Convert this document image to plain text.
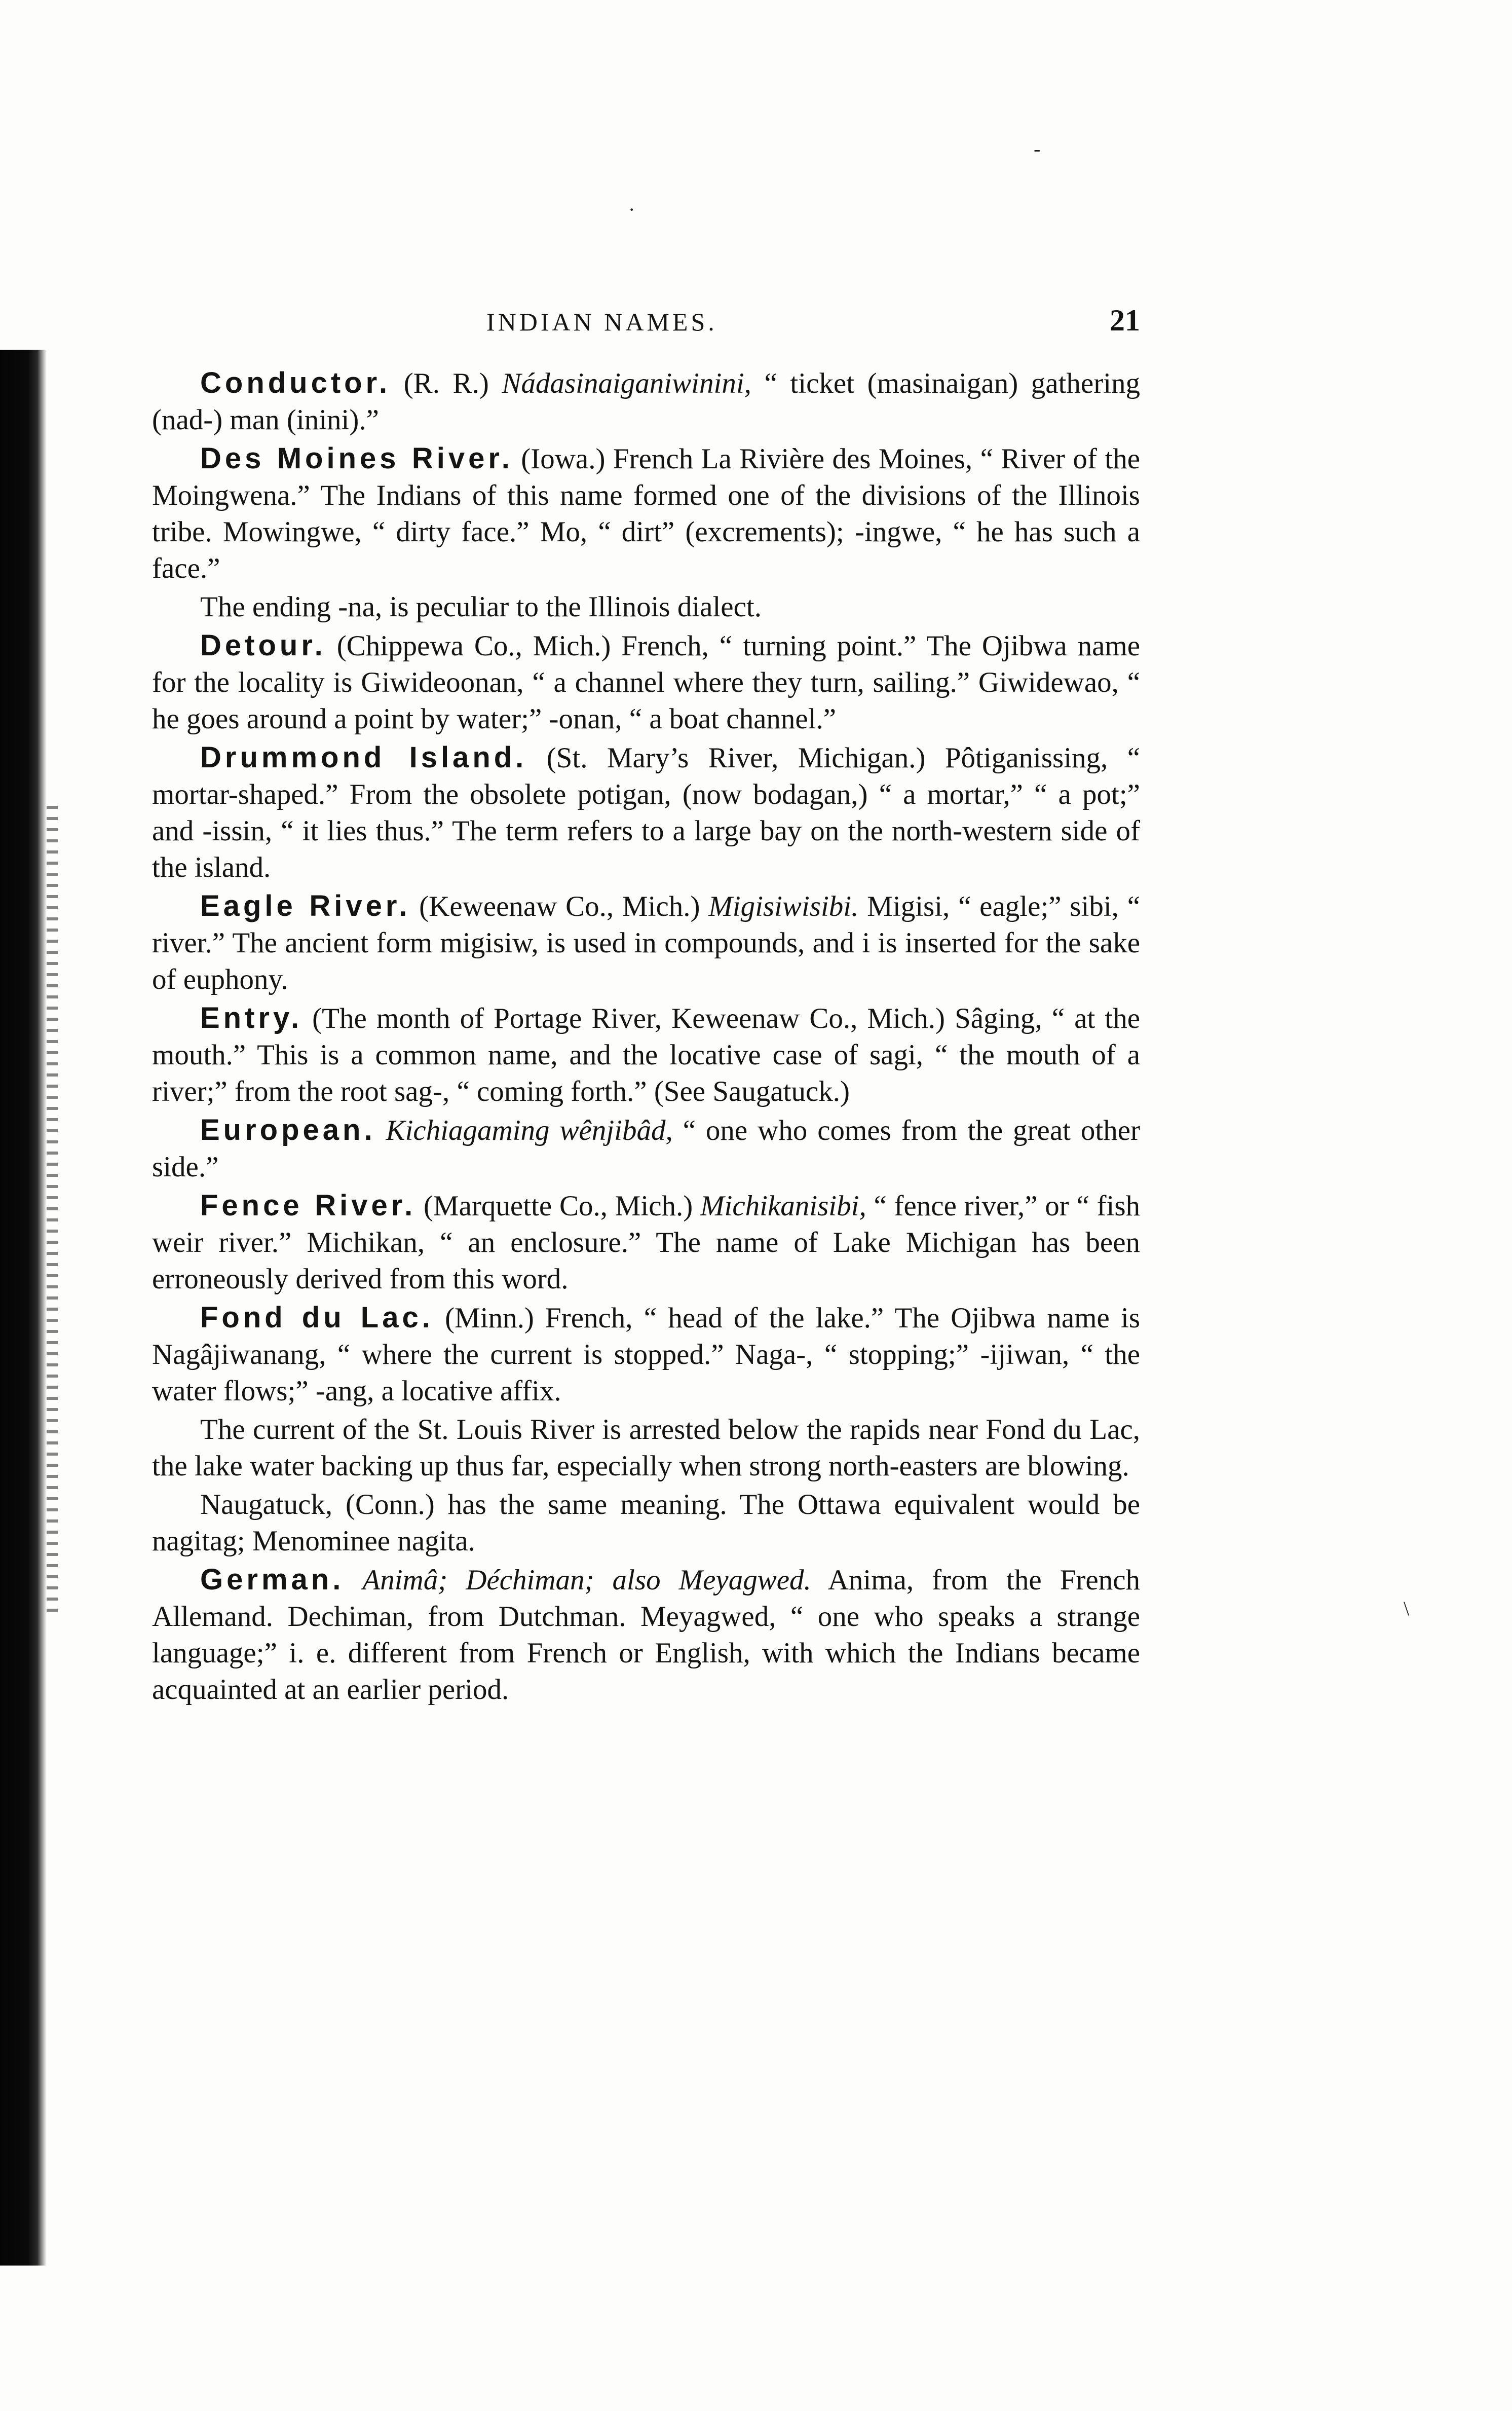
INDIAN NAMES.	21

Conductor. (R. R.) Nádasinaiganiwinini, “ ticket (masinaigan) gathering (nad-) man (inini).”

Des Moines River. (Iowa.) French La Rivière des Moines, “ River of the Moingwena.” The Indians of this name formed one of the divisions of the Illinois tribe. Mowingwe, “ dirty face.” Mo, “ dirt” (excrements); -ingwe, “ he has such a face.”

The ending -na, is peculiar to the Illinois dialect.

Detour. (Chippewa Co., Mich.) French, “ turning point.” The Ojibwa name for the locality is Giwideoonan, “ a channel where they turn, sailing.” Giwidewao, “ he goes around a point by water;” -onan, “ a boat channel.”

Drummond Island. (St. Mary’s River, Michigan.) Pôtiganissing, “ mortar-shaped.” From the obsolete potigan, (now bodagan,) “ a mortar,” “ a pot;” and -issin, “ it lies thus.” The term refers to a large bay on the north-western side of the island.

Eagle River. (Keweenaw Co., Mich.) Migisiwisibi. Migisi, “ eagle;” sibi, “ river.” The ancient form migisiw, is used in compounds, and i is inserted for the sake of euphony.

Entry. (The month of Portage River, Keweenaw Co., Mich.) Sâging, “ at the mouth.” This is a common name, and the locative case of sagi, “ the mouth of a river;” from the root sag-, “ coming forth.” (See Saugatuck.)

European. Kichiagaming wênjibâd, “ one who comes from the great other side.”

Fence River. (Marquette Co., Mich.) Michikanisibi, “ fence river,” or “ fish weir river.” Michikan, “ an enclosure.” The name of Lake Michigan has been erroneously derived from this word.

Fond du Lac. (Minn.) French, “ head of the lake.” The Ojibwa name is Nagâjiwanang, “ where the current is stopped.” Naga-, “ stopping;” -ijiwan, “ the water flows;” -ang, a locative affix.

The current of the St. Louis River is arrested below the rapids near Fond du Lac, the lake water backing up thus far, especially when strong north-easters are blowing.

Naugatuck, (Conn.) has the same meaning. The Ottawa equivalent would be nagitag; Menominee nagita.

German. Animâ; Déchiman; also Meyagwed. Anima, from the French Allemand. Dechiman, from Dutchman. Meyagwed, “ one who speaks a strange language;” i. e. different from French or English, with which the Indians became acquainted at an earlier period.

-
·
\
